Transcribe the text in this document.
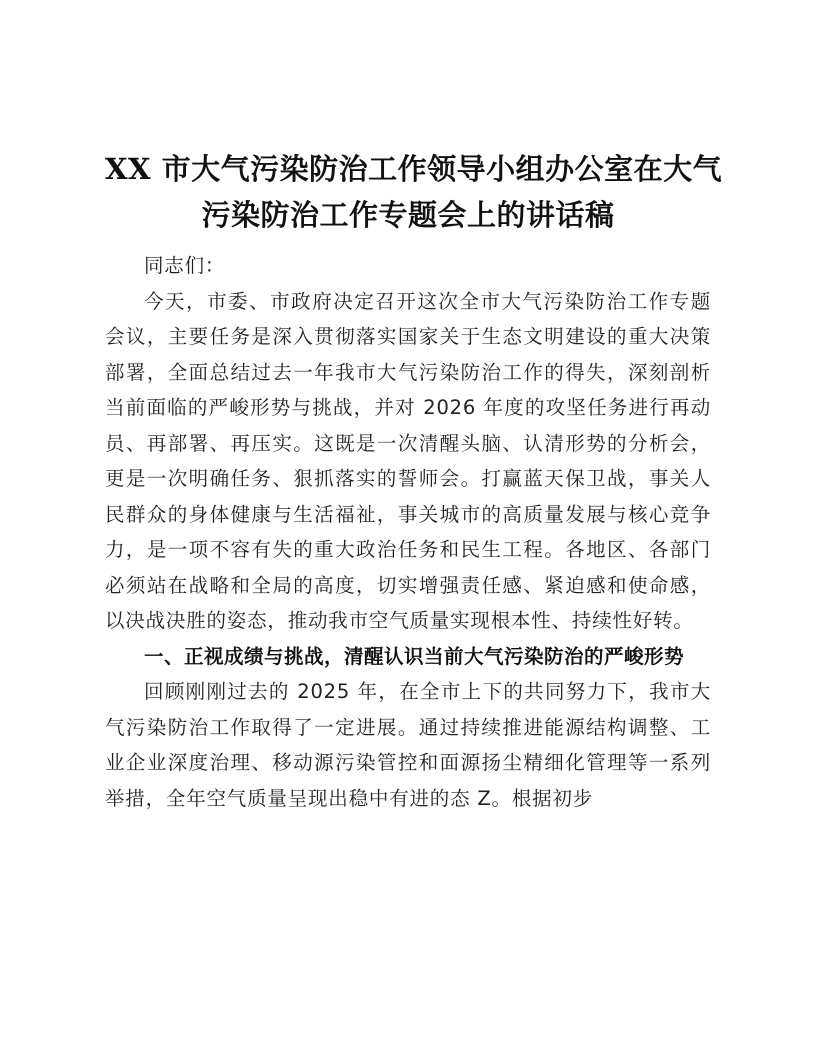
XX 市大气污染防治工作领导小组办公室在大气
污染防治工作专题会上的讲话稿

同志们：

今天，市委、市政府决定召开这次全市大气污染防治工作专题会议，主要任务是深入贯彻落实国家关于生态文明建设的重大决策部署，全面总结过去一年我市大气污染防治工作的得失，深刻剖析当前面临的严峻形势与挑战，并对 2026 年度的攻坚任务进行再动员、再部署、再压实。这既是一次清醒头脑、认清形势的分析会，更是一次明确任务、狠抓落实的誓师会。打赢蓝天保卫战，事关人民群众的身体健康与生活福祉，事关城市的高质量发展与核心竞争力，是一项不容有失的重大政治任务和民生工程。各地区、各部门必须站在战略和全局的高度，切实增强责任感、紧迫感和使命感，以决战决胜的姿态，推动我市空气质量实现根本性、持续性好转。

一、正视成绩与挑战，清醒认识当前大气污染防治的严峻形势

回顾刚刚过去的 2025 年，在全市上下的共同努力下，我市大气污染防治工作取得了一定进展。通过持续推进能源结构调整、工业企业深度治理、移动源污染管控和面源扬尘精细化管理等一系列举措，全年空气质量呈现出稳中有进的态 Z。根据初步
